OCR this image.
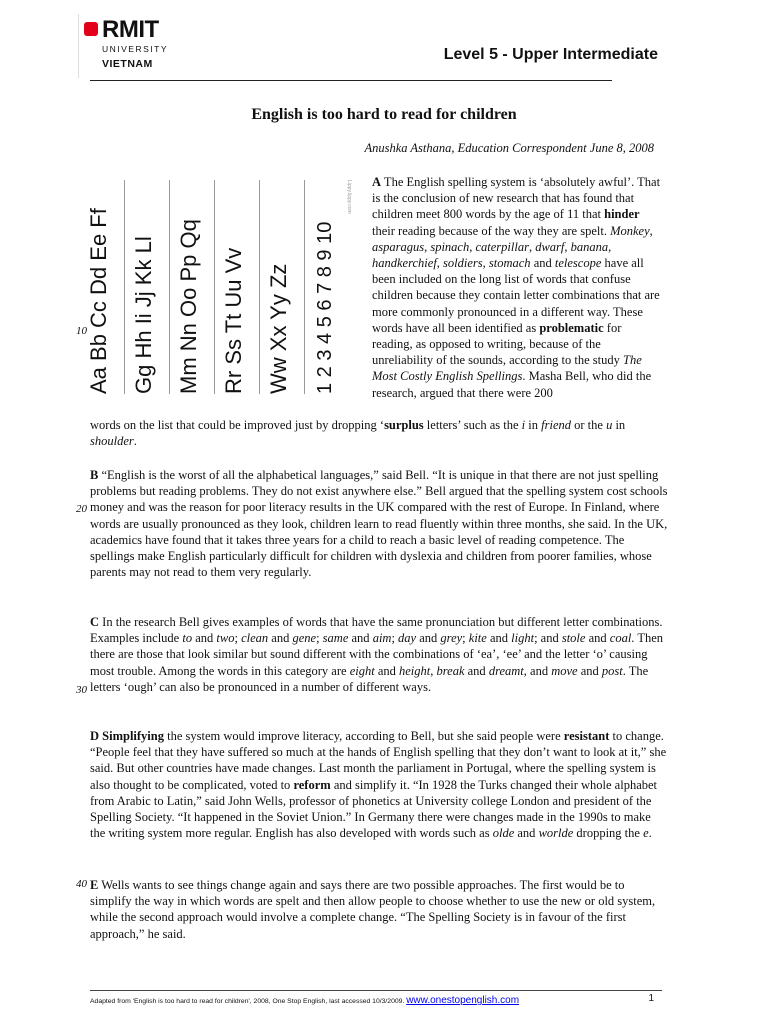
RMIT
UNIVERSITY
VIETNAM
Level 5 - Upper Intermediate
English is too hard to read for children
Anushka Asthana, Education Correspondent June 8, 2008
Aa Bb Cc Dd Ee Ff Gg Hh Ii Jj Kk Ll Mm Nn Oo Pp Qq Rr Ss Tt Uu Vv Ww Xx Yy Zz 1 2 3 4 5 6 7 8 9 10
Lippy.lippy.com
10
20
30
40
A The English spelling system is ‘absolutely awful’. That is the conclusion of new research that has found that children meet 800 words by the age of 11 that hinder their reading because of the way they are spelt. Monkey, asparagus, spinach, caterpillar, dwarf, banana, handkerchief, soldiers, stomach and telescope have all been included on the long list of words that confuse children because they contain letter combinations that are more commonly pronounced in a different way. These words have all been identified as problematic for reading, as opposed to writing, because of the unreliability of the sounds, according to the study The Most Costly English Spellings. Masha Bell, who did the research, argued that there were 200
words on the list that could be improved just by dropping ‘surplus letters’ such as the i in friend or the u in shoulder.
B “English is the worst of all the alphabetical languages,” said Bell. “It is unique in that there are not just spelling problems but reading problems. They do not exist anywhere else.” Bell argued that the spelling system cost schools money and was the reason for poor literacy results in the UK compared with the rest of Europe. In Finland, where words are usually pronounced as they look, children learn to read fluently within three months, she said. In the UK, academics have found that it takes three years for a child to reach a basic level of reading competence. The spellings make English particularly difficult for children with dyslexia and children from poorer families, whose parents may not read to them very regularly.
C In the research Bell gives examples of words that have the same pronunciation but different letter combinations. Examples include to and two; clean and gene; same and aim; day and grey; kite and light; and stole and coal. Then there are those that look similar but sound different with the combinations of ‘ea’, ‘ee’ and the letter ‘o’ causing most trouble. Among the words in this category are eight and height, break and dreamt, and move and post. The letters ‘ough’ can also be pronounced in a number of different ways.
D Simplifying the system would improve literacy, according to Bell, but she said people were resistant to change. “People feel that they have suffered so much at the hands of English spelling that they don’t want to look at it,” she said. But other countries have made changes. Last month the parliament in Portugal, where the spelling system is also thought to be complicated, voted to reform and simplify it. “In 1928 the Turks changed their whole alphabet from Arabic to Latin,” said John Wells, professor of phonetics at University college London and president of the Spelling Society. “It happened in the Soviet Union.” In Germany there were changes made in the 1990s to make the writing system more regular. English has also developed with words such as olde and worlde dropping the e.
E Wells wants to see things change again and says there are two possible approaches. The first would be to simplify the way in which words are spelt and then allow people to choose whether to use the new or old system, while the second approach would involve a complete change. “The Spelling Society is in favour of the first approach,” he said.
Adapted from 'English is too hard to read for children', 2008, One Stop English, last accessed 10/3/2009. www.onestopenglish.com	1
